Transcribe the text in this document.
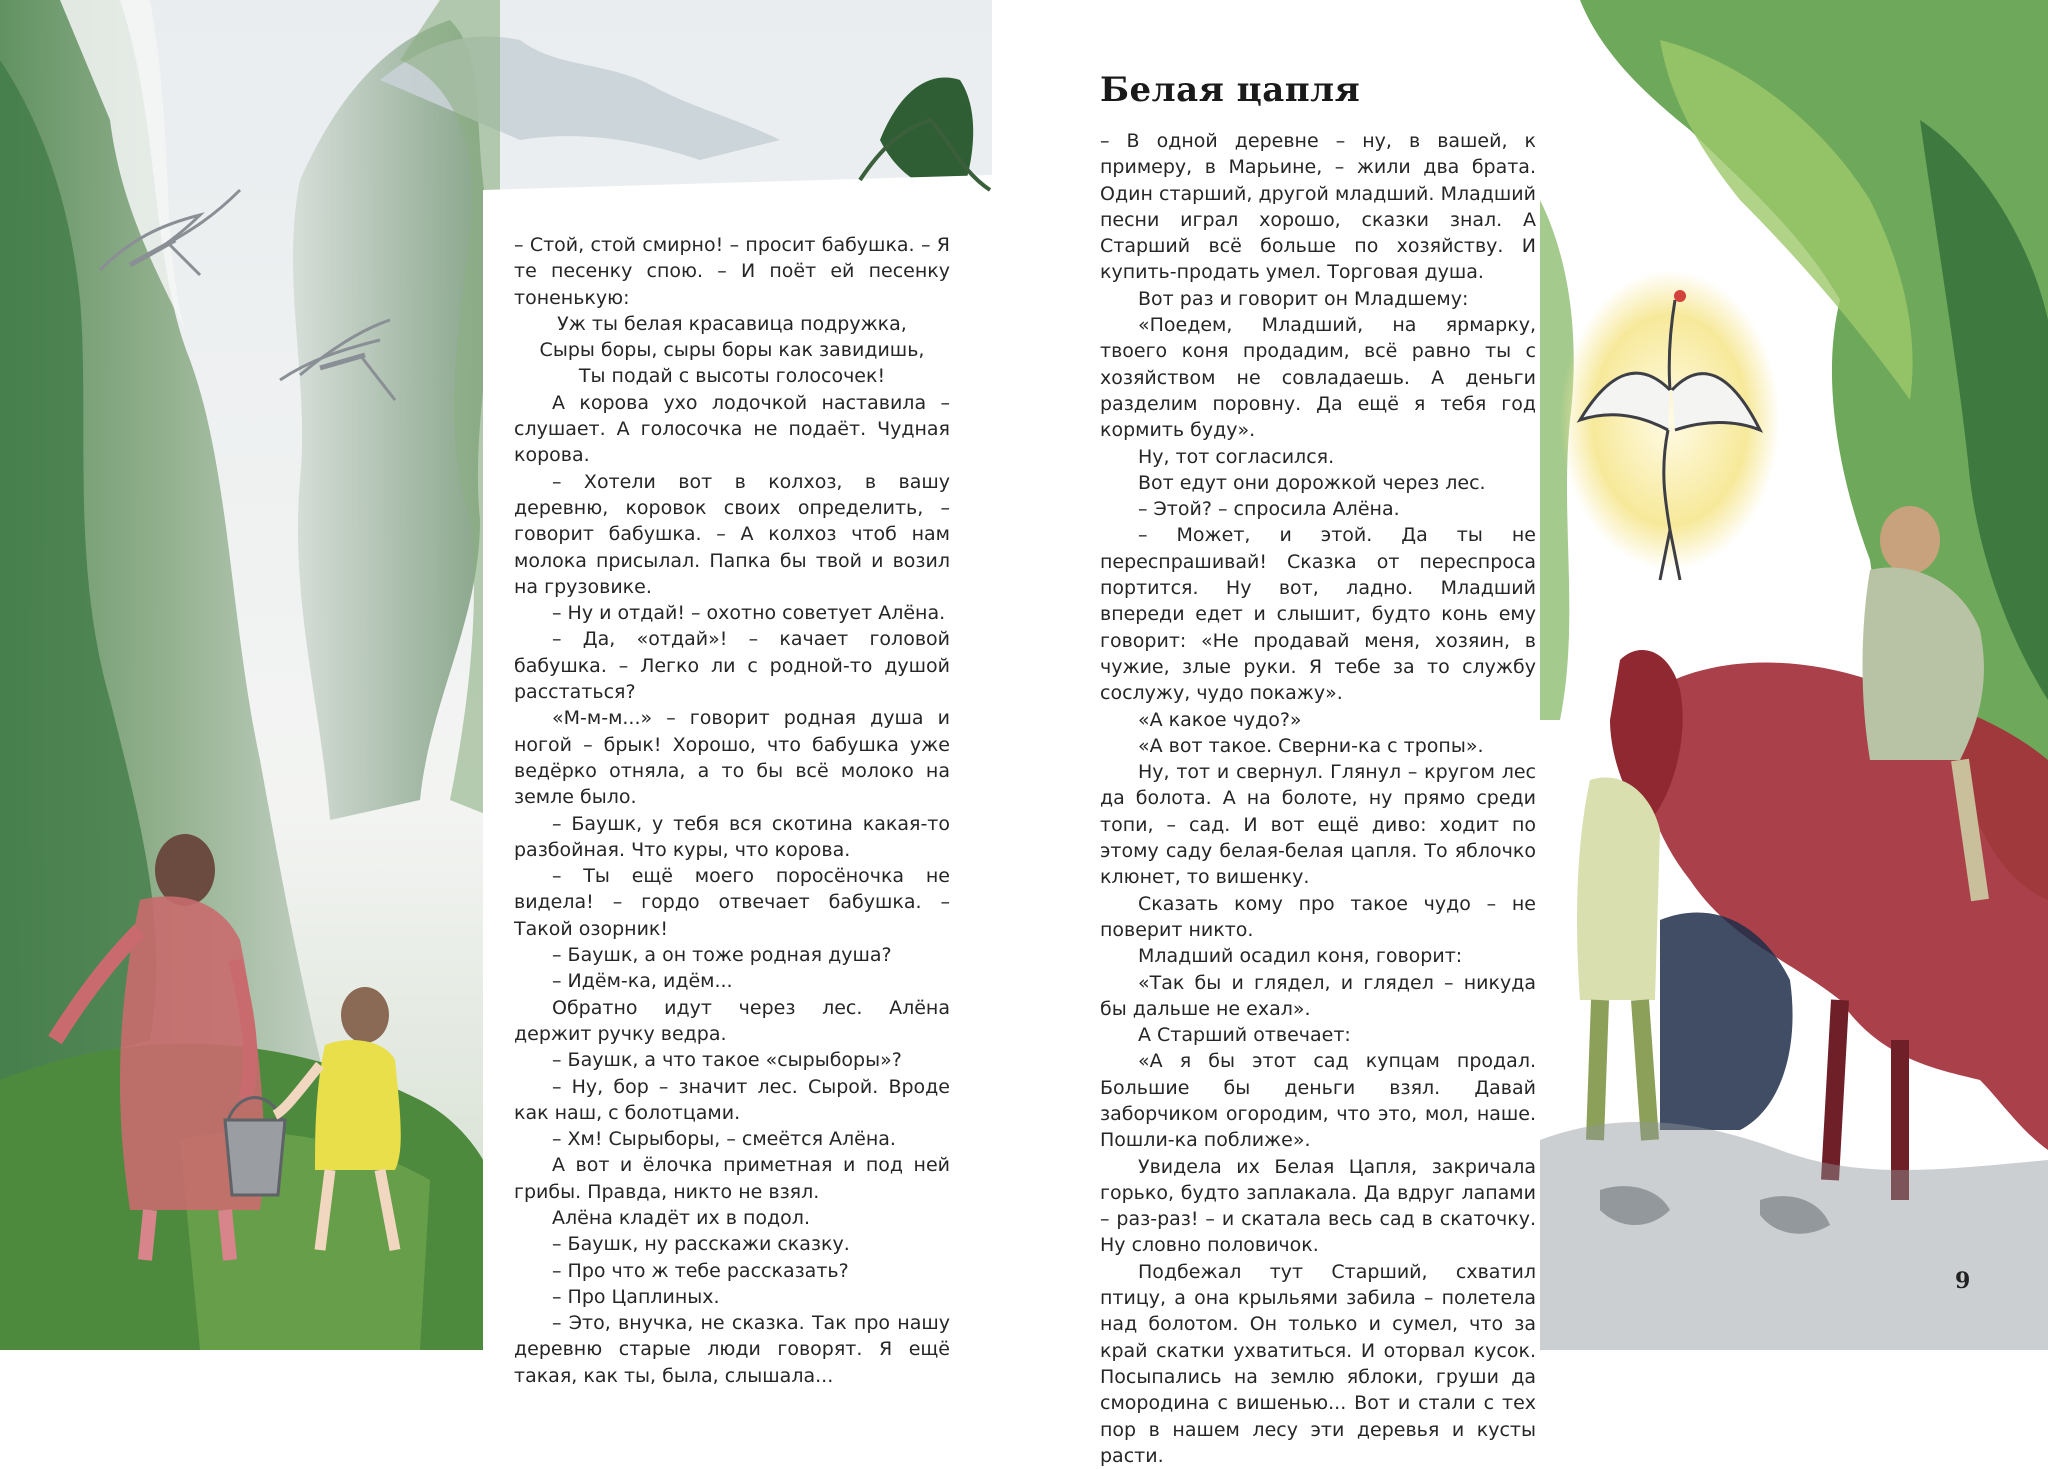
– Стой, стой смирно! – просит бабушка. – Я те песенку спою. – И поёт ей песенку тоненькую:

Уж ты белая красавица подружка,

Сыры боры, сыры боры как завидишь,

Ты подай с высоты голосочек!

А корова ухо лодочкой наставила – слушает. А голосочка не подаёт. Чудная корова.

– Хотели вот в колхоз, в вашу деревню, коровок своих определить, – говорит бабушка. – А колхоз чтоб нам молока присылал. Папка бы твой и возил на грузовике.

– Ну и отдай! – охотно советует Алёна.

– Да, «отдай»! – качает головой бабушка. – Легко ли с родной-то душой расстаться?

«М-м-м...» – говорит родная душа и ногой – брык! Хорошо, что бабушка уже ведёрко отняла, а то бы всё молоко на земле было.

– Баушк, у тебя вся скотина какая-то разбойная. Что куры, что корова.

– Ты ещё моего поросёночка не видела! – гордо отвечает бабушка. – Такой озорник!

– Баушк, а он тоже родная душа?

– Идём-ка, идём...

Обратно идут через лес. Алёна держит ручку ведра.

– Баушк, а что такое «сырыборы»?

– Ну, бор – значит лес. Сырой. Вроде как наш, с болотцами.

– Хм! Сырыборы, – смеётся Алёна.

А вот и ёлочка приметная и под ней грибы. Правда, никто не взял.

Алёна кладёт их в подол.

– Баушк, ну расскажи сказку.

– Про что ж тебе рассказать?

– Про Цаплиных.

– Это, внучка, не сказка. Так про нашу деревню старые люди говорят. Я ещё такая, как ты, была, слышала...

Белая цапля

– В одной деревне – ну, в вашей, к примеру, в Марьине, – жили два брата. Один старший, другой младший. Младший песни играл хорошо, сказки знал. А Старший всё больше по хозяйству. И купить-продать умел. Торговая душа.

Вот раз и говорит он Младшему:

«Поедем, Младший, на ярмарку, твоего коня продадим, всё равно ты с хозяйством не совладаешь. А деньги разделим поровну. Да ещё я тебя год кормить буду».

Ну, тот согласился.

Вот едут они дорожкой через лес.

– Этой? – спросила Алёна.

– Может, и этой. Да ты не переспрашивай! Сказка от переспроса портится. Ну вот, ладно. Младший впереди едет и слышит, будто конь ему говорит: «Не продавай меня, хозяин, в чужие, злые руки. Я тебе за то службу сослужу, чудо покажу».

«А какое чудо?»

«А вот такое. Сверни-ка с тропы».

Ну, тот и свернул. Глянул – кругом лес да болота. А на болоте, ну прямо среди топи, – сад. И вот ещё диво: ходит по этому саду белая-белая цапля. То яблочко клюнет, то вишенку.

Сказать кому про такое чудо – не поверит никто.

Младший осадил коня, говорит:

«Так бы и глядел, и глядел – никуда бы дальше не ехал».

А Старший отвечает:

«А я бы этот сад купцам продал. Большие бы деньги взял. Давай заборчиком огородим, что это, мол, наше. Пошли-ка поближе».

Увидела их Белая Цапля, закричала горько, будто заплакала. Да вдруг лапами – раз-раз! – и скатала весь сад в скаточку. Ну словно половичок.

Подбежал тут Старший, схватил птицу, а она крыльями забила – полетела над болотом. Он только и сумел, что за край скатки ухватиться. И оторвал кусок. Посыпались на землю яблоки, груши да смородина с вишенью... Вот и стали с тех пор в нашем лесу эти деревья и кусты расти.

9
